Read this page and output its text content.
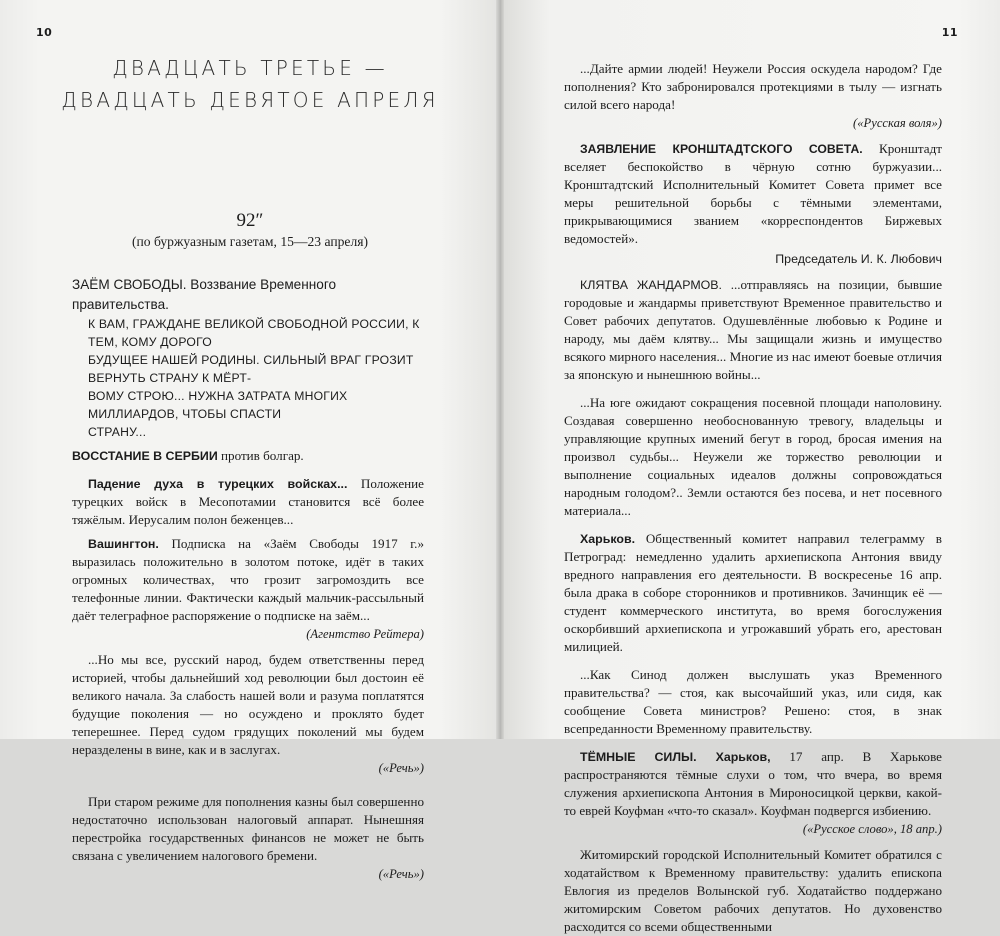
10
ДВАДЦАТЬ ТРЕТЬЕ —
ДВАДЦАТЬ ДЕВЯТОЕ АПРЕЛЯ
92″
(по буржуазным газетам, 15—23 апреля)

ЗАЁМ СВОБОДЫ. Воззвание Временного правительства.

К ВАМ, ГРАЖДАНЕ ВЕЛИКОЙ СВОБОДНОЙ РОССИИ, К ТЕМ, КОМУ ДОРОГО
БУДУЩЕЕ НАШЕЙ РОДИНЫ. СИЛЬНЫЙ ВРАГ ГРОЗИТ ВЕРНУТЬ СТРАНУ К МЁРТ-
ВОМУ СТРОЮ... НУЖНА ЗАТРАТА МНОГИХ МИЛЛИАРДОВ, ЧТОБЫ СПАСТИ
СТРАНУ...

ВОССТАНИЕ В СЕРБИИ против болгар.

Падение духа в турецких войсках... Положение турецких войск в Месопотамии становится всё более тяжёлым. Иерусалим полон беженцев...

Вашингтон. Подписка на «Заём Свободы 1917 г.» выразилась положительно в золотом потоке, идёт в таких огромных количествах, что грозит загромоздить все телефонные линии. Фактически каждый мальчик-рассыльный даёт телеграфное распоряжение о подписке на заём...

(Агентство Рейтера)

...Но мы все, русский народ, будем ответственны перед историей, чтобы дальнейший ход революции был достоин её великого начала. За слабость нашей воли и разума поплатятся будущие поколения — но осуждено и проклято будет теперешнее. Перед судом грядущих поколений мы будем неразделены в вине, как и в заслугах.

(«Речь»)

При старом режиме для пополнения казны был совершенно недостаточно использован налоговый аппарат. Нынешняя перестройка государственных финансов не может не быть связана с увеличением налогового бремени.

(«Речь»)

11

...Дайте армии людей! Неужели Россия оскудела народом? Где пополнения? Кто забронировался протекциями в тылу — изгнать силой всего народа!

(«Русская воля»)

ЗАЯВЛЕНИЕ КРОНШТАДТСКОГО СОВЕТА. Кронштадт вселяет беспокойство в чёрную сотню буржуазии... Кронштадтский Исполнительный Комитет Совета примет все меры решительной борьбы с тёмными элементами, прикрывающимися званием «корреспондентов Биржевых ведомостей».

Председатель И. К. Любович

КЛЯТВА ЖАНДАРМОВ. ...отправляясь на позиции, бывшие городовые и жандармы приветствуют Временное правительство и Совет рабочих депутатов. Одушевлённые любовью к Родине и народу, мы даём клятву... Мы защищали жизнь и имущество всякого мирного населения... Многие из нас имеют боевые отличия за японскую и нынешнюю войны...

...На юге ожидают сокращения посевной площади наполовину. Создавая совершенно необоснованную тревогу, владельцы и управляющие крупных имений бегут в город, бросая имения на произвол судьбы... Неужели же торжество революции и выполнение социальных идеалов должны сопровождаться народным голодом?.. Земли остаются без посева, и нет посевного материала...

Харьков. Общественный комитет направил телеграмму в Петроград: немедленно удалить архиепископа Антония ввиду вредного направления его деятельности. В воскресенье 16 апр. была драка в соборе сторонников и противников. Зачинщик её — студент коммерческого института, во время богослужения оскорбивший архиепископа и угрожавший убрать его, арестован милицией.

...Как Синод должен выслушать указ Временного правительства? — стоя, как высочайший указ, или сидя, как сообщение Совета министров? Решено: стоя, в знак всепреданности Временному правительству.

ТЁМНЫЕ СИЛЫ. Харьков, 17 апр. В Харькове распространяются тёмные слухи о том, что вчера, во время служения архиепископа Антония в Мироносицкой церкви, какой-то еврей Коуфман «что-то сказал». Коуфман подвергся избиению.

(«Русское слово», 18 апр.)

Житомирский городской Исполнительный Комитет обратился с ходатайством к Временному правительству: удалить епископа Евлогия из пределов Волынской губ. Ходатайство поддержано житомирским Советом рабочих депутатов. Но духовенство расходится со всеми общественными
